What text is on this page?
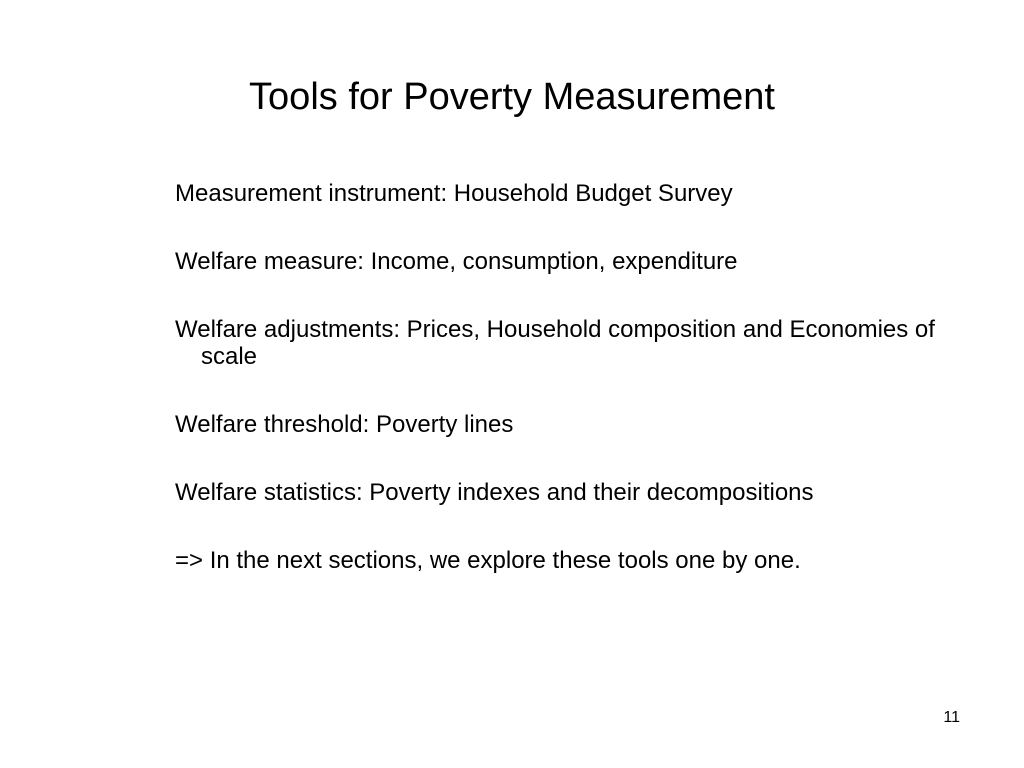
Tools for Poverty Measurement
Measurement instrument: Household Budget Survey
Welfare measure: Income, consumption, expenditure
Welfare adjustments: Prices, Household composition and Economies of scale
Welfare threshold: Poverty lines
Welfare statistics: Poverty indexes and their decompositions
=> In the next sections, we explore these tools one by one.
11
